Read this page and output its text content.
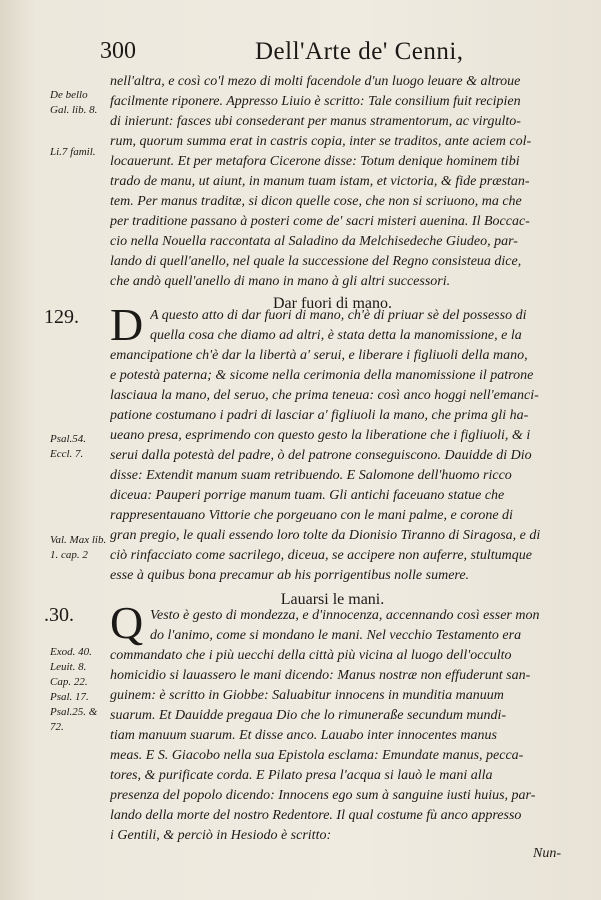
300	Dell'Arte de' Cenni,
De bello Gal. lib. 8.
Li.7 famil.
Psal.54.
Eccl. 7.
Val. Max lib. 1. cap. 2
Exod. 40.
Leuit. 8.
Cap. 22.
Psal. 17.
Psal.25. & 72.
nell'altra, e così co'l mezo di molti facendole d'un luogo leuare & altroue
facilmente riponere. Appresso Liuio è scritto: Tale consilium fuit recipien
di inierunt: fasces ubi consederant per manus stramentorum, ac virgulto-
rum, quorum summa erat in castris copia, inter se traditos, ante aciem col-
locauerunt. Et per metafora Cicerone disse: Totum denique hominem tibi
trado de manu, ut aiunt, in manum tuam istam, et victoria, & fide præstan-
tem. Per manus traditæ, si dicon quelle cose, che non si scriuono, ma che
per traditione passano à posteri come de' sacri misteri auenina. Il Boccac-
cio nella Nouella raccontata al Saladino da Melchisedeche Giudeo, par-
lando di quell'anello, nel quale la successione del Regno consisteua dice,
che andò quell'anello di mano in mano à gli altri successori.
Dar fuori di mano.
129. D A questo atto di dar fuori di mano, ch'è di priuar sè del possesso di
quella cosa che diamo ad altri, è stata detta la manomissione, e la
emancipatione ch'è dar la libertà a' serui, e liberare i figliuoli della mano,
e potestà paterna; & sicome nella cerimonia della manomissione il patrone
lasciaua la mano, del seruo, che prima teneua: così anco hoggi nell'emanci-
patione costumano i padri di lasciar a' figliuoli la mano, che prima gli ha-
ueano presa, esprimendo con questo gesto la liberatione che i figliuoli, & i
serui dalla potestà del padre, ò del patrone conseguiscono. Dauidde di Dio
disse: Extendit manum suam retribuendo. E Salomone dell'huomo ricco
diceua: Pauperi porrige manum tuam. Gli antichi faceuano statue che
rappresentauano Vittorie che porgeuano con le mani palme, e corone di
gran pregio, le quali essendo loro tolte da Dionisio Tiranno di Siragosa, e di
ciò rinfacciato come sacrilego, diceua, se accipere non auferre, stultumque
esse à quibus bona precamur ab his porrigentibus nolle sumere.
Lauarsi le mani.
.30. Q Vesto è gesto di mondezza, e d'innocenza, accennando così esser mon
do l'animo, come si mondano le mani. Nel vecchio Testamento era
commandato che i più uecchi della città più vicina al luogo dell'occulto
homicidio si lauassero le mani dicendo: Manus nostræ non effuderunt san-
guinem: è scritto in Giobbe: Saluabitur innocens in munditia manuum
suarum. Et Dauidde pregaua Dio che lo rimuneraße secundum mundi-
tiam manuum suarum. Et disse anco. Lauabo inter innocentes manus
meas. E S. Giacobo nella sua Epistola esclama: Emundate manus, pecca-
tores, & purificate corda. E Pilato presa l'acqua si lauò le mani alla
presenza del popolo dicendo: Innocens ego sum à sanguine iusti huius, par-
lando della morte del nostro Redentore. Il qual costume fù anco appresso
i Gentili, & perciò in Hesiodo è scritto:
Nun-
